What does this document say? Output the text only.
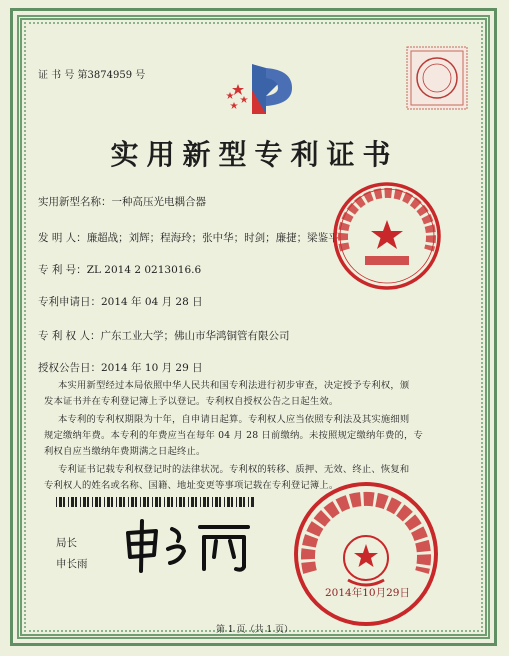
证 书 号 第3874959 号
实用新型专利证书
实用新型名称：一种高压光电耦合器
发 明 人：廉超战；刘辉；程海玲；张中华；时剑；廉捷；梁鉴平
专 利 号：ZL 2014 2 0213016.6
专利申请日：2014 年 04 月 28 日
专 利 权 人：广东工业大学；佛山市华鸿铜管有限公司
授权公告日：2014 年 10 月 29 日
本实用新型经过本局依照中华人民共和国专利法进行初步审查，决定授予专利权，颁
发本证书并在专利登记簿上予以登记。专利权自授权公告之日起生效。
本专利的专利权期限为十年，自申请日起算。专利权人应当依照专利法及其实施细则
规定缴纳年费。本专利的年费应当在每年 04 月 28 日前缴纳。未按照规定缴纳年费的，专
利权自应当缴纳年费期满之日起终止。
专利证书记载专利权登记时的法律状况。专利权的转移、质押、无效、终止、恢复和
专利权人的姓名或名称、国籍、地址变更等事项记载在专利登记簿上。
局长
申长雨
2014年10月29日
第 1 页（共 1 页）
